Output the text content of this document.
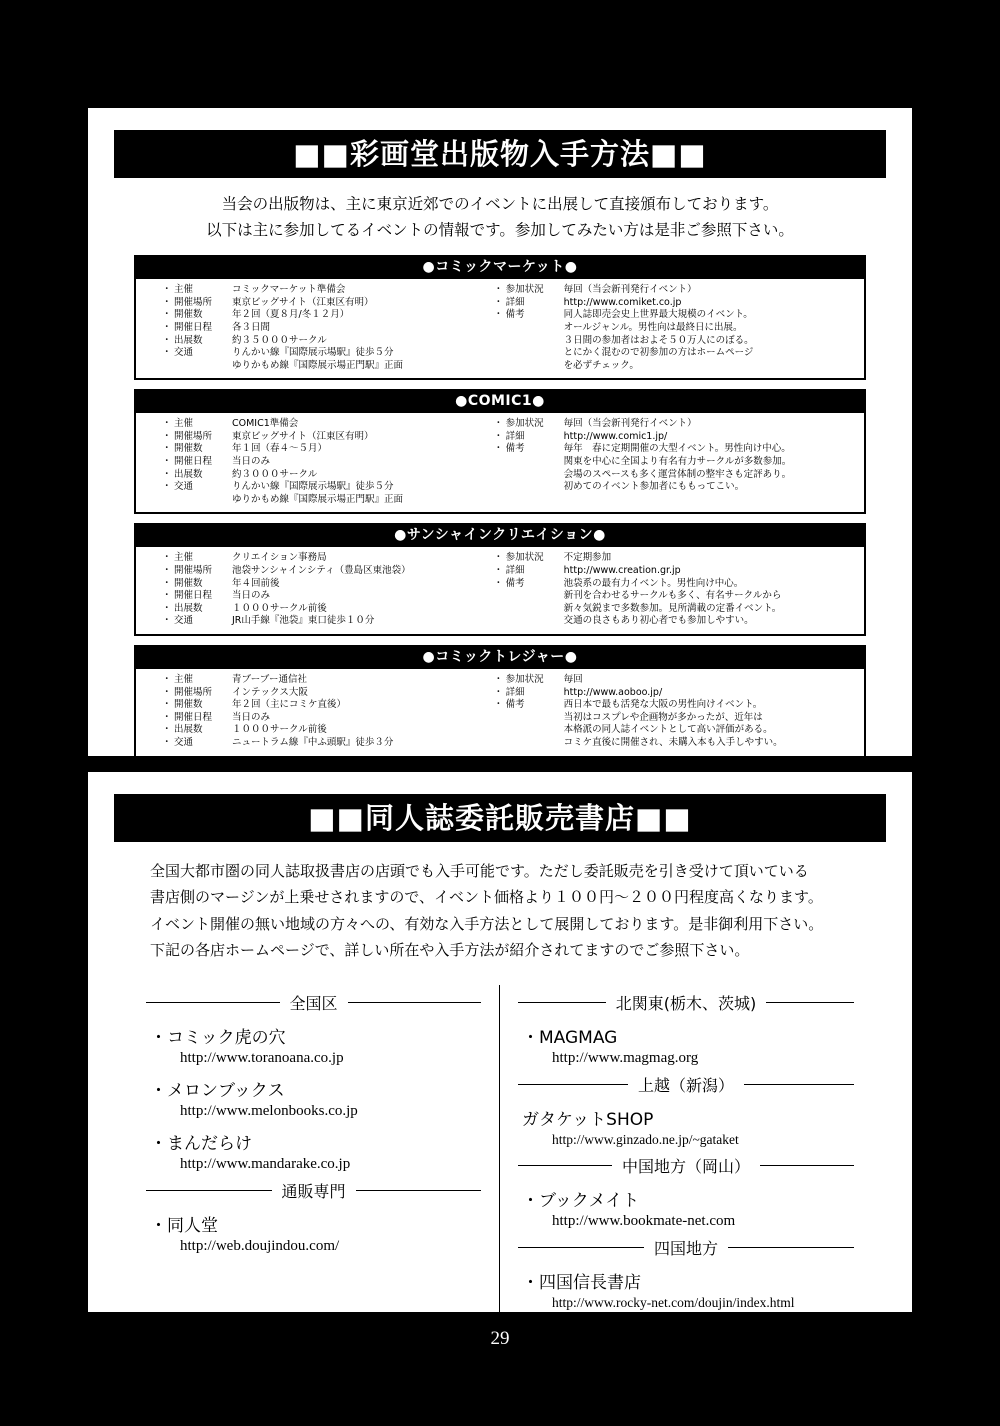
■■彩画堂出版物入手方法■■
当会の出版物は、主に東京近郊でのイベントに出展して直接頒布しております。
以下は主に参加してるイベントの情報です。参加してみたい方は是非ご参照下さい。
●コミックマーケット●
・ 主催	コミックマーケット準備会
・ 開催場所	東京ビッグサイト（江東区有明）
・ 開催数	年２回（夏８月/冬１２月）
・ 開催日程	各３日間
・ 出展数	約３５０００サークル
・ 交通	りんかい線『国際展示場駅』徒歩５分

ゆりかもめ線『国際展示場正門駅』正面
・ 参加状況	毎回（当会新刊発行イベント）
・ 詳細	http://www.comiket.co.jp
・ 備考	同人誌即売会史上世界最大規模のイベント。

オールジャンル。男性向は最終日に出展。

３日間の参加者はおよそ５０万人にのぼる。

とにかく混むので初参加の方はホームページ

を必ずチェック。
●COMIC1●
・ 主催	COMIC1準備会
・ 開催場所	東京ビッグサイト（江東区有明）
・ 開催数	年１回（春４〜５月）
・ 開催日程	当日のみ
・ 出展数	約３０００サークル
・ 交通	りんかい線『国際展示場駅』徒歩５分

ゆりかもめ線『国際展示場正門駅』正面
・ 参加状況	毎回（当会新刊発行イベント）
・ 詳細	http://www.comic1.jp/
・ 備考	毎年　春に定期開催の大型イベント。男性向け中心。

関東を中心に全国より有名有力サークルが多数参加。

会場のスペースも多く運営体制の整牢さも定評あり。

初めてのイベント参加者にももってこい。
●サンシャインクリエイション●
・ 主催	クリエイション事務局
・ 開催場所	池袋サンシャインシティ（豊島区東池袋）
・ 開催数	年４回前後
・ 開催日程	当日のみ
・ 出展数	１０００サークル前後
・ 交通	JR山手線『池袋』東口徒歩１０分
・ 参加状況	不定期参加
・ 詳細	http://www.creation.gr.jp
・ 備考	池袋系の最有力イベント。男性向け中心。

新刊を合わせるサークルも多く、有名サークルから

新々気鋭まで多数参加。見所満載の定番イベント。

交通の良さもあり初心者でも参加しやすい。
●コミックトレジャー●
・ 主催	青ブーブー通信社
・ 開催場所	インテックス大阪
・ 開催数	年２回（主にコミケ直後）
・ 開催日程	当日のみ
・ 出展数	１０００サークル前後
・ 交通	ニュートラム線『中ふ頭駅』徒歩３分
・ 参加状況	毎回
・ 詳細	http://www.aoboo.jp/
・ 備考	西日本で最も活発な大阪の男性向けイベント。

当初はコスプレや企画物が多かったが、近年は

本格派の同人誌イベントとして高い評価がある。

コミケ直後に開催され、未購入本も入手しやすい。
■■同人誌委託販売書店■■
全国大都市圏の同人誌取扱書店の店頭でも入手可能です。ただし委託販売を引き受けて頂いている
書店側のマージンが上乗せされますので、イベント価格より１００円〜２００円程度高くなります。
イベント開催の無い地域の方々への、有効な入手方法として展開しております。是非御利用下さい。
下記の各店ホームページで、詳しい所在や入手方法が紹介されてますのでご参照下さい。
全国区
・コミック虎の穴
http://www.toranoana.co.jp
・メロンブックス
http://www.melonbooks.co.jp
・まんだらけ
http://www.mandarake.co.jp
通販専門
・同人堂
http://web.doujindou.com/
北関東(栃木、茨城)
・MAGMAG
http://www.magmag.org
上越（新潟）
ガタケットSHOP
http://www.ginzado.ne.jp/~gataket
中国地方（岡山）
・ブックメイト
http://www.bookmate-net.com
四国地方
・四国信長書店
http://www.rocky-net.com/doujin/index.html
29
